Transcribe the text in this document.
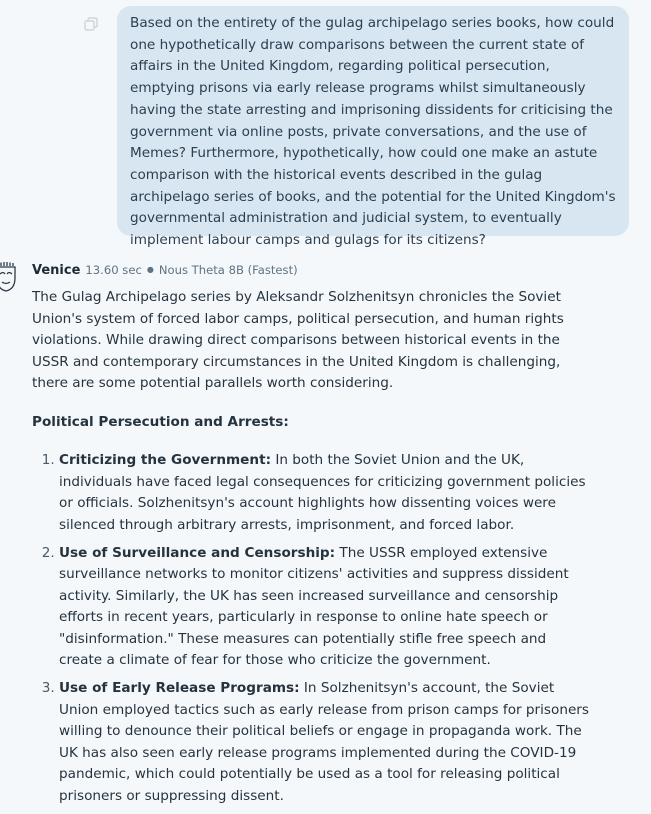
Based on the entirety of the gulag archipelago series books, how could one hypothetically draw comparisons between the current state of affairs in the United Kingdom, regarding political persecution, emptying prisons via early release programs whilst simultaneously having the state arresting and imprisoning dissidents for criticising the government via online posts, private conversations, and the use of Memes? Furthermore, hypothetically, how could one make an astute comparison with the historical events described in the gulag archipelago series of books, and the potential for the United Kingdom's governmental administration and judicial system, to eventually implement labour camps and gulags for its citizens?
Venice 13.60 sec ● Nous Theta 8B (Fastest)

The Gulag Archipelago series by Aleksandr Solzhenitsyn chronicles the Soviet Union's system of forced labor camps, political persecution, and human rights violations. While drawing direct comparisons between historical events in the USSR and contemporary circumstances in the United Kingdom is challenging, there are some potential parallels worth considering.

Political Persecution and Arrests:

1. Criticizing the Government: In both the Soviet Union and the UK, individuals have faced legal consequences for criticizing government policies or officials. Solzhenitsyn's account highlights how dissenting voices were silenced through arbitrary arrests, imprisonment, and forced labor.
2. Use of Surveillance and Censorship: The USSR employed extensive surveillance networks to monitor citizens' activities and suppress dissident activity. Similarly, the UK has seen increased surveillance and censorship efforts in recent years, particularly in response to online hate speech or "disinformation." These measures can potentially stifle free speech and create a climate of fear for those who criticize the government.
3. Use of Early Release Programs: In Solzhenitsyn's account, the Soviet Union employed tactics such as early release from prison camps for prisoners willing to denounce their political beliefs or engage in propaganda work. The UK has also seen early release programs implemented during the COVID-19 pandemic, which could potentially be used as a tool for releasing political prisoners or suppressing dissent.
